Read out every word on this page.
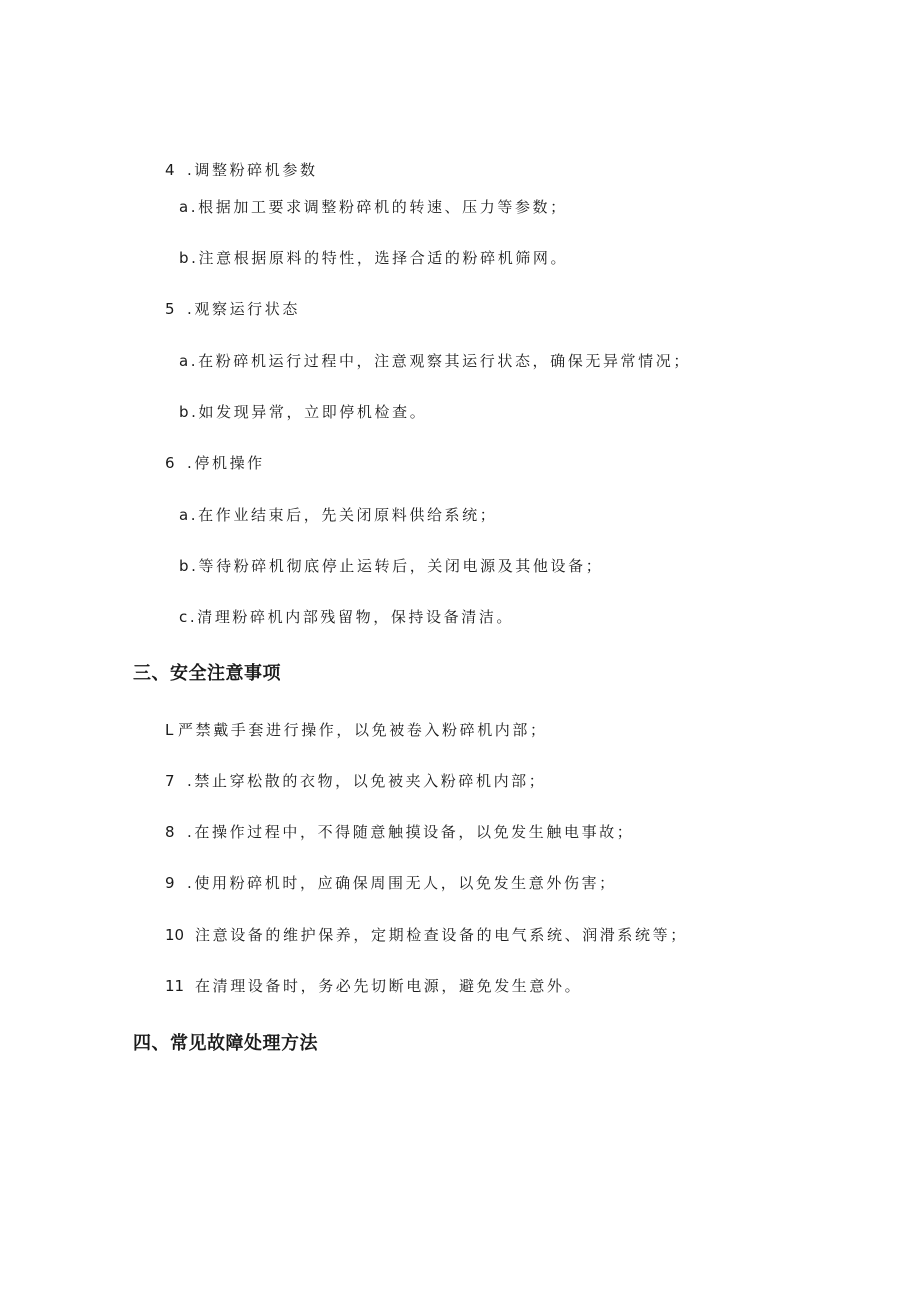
4 .调整粉碎机参数
a.根据加工要求调整粉碎机的转速、压力等参数；
b.注意根据原料的特性，选择合适的粉碎机筛网。
5 .观察运行状态
a.在粉碎机运行过程中，注意观察其运行状态，确保无异常情况；
b.如发现异常，立即停机检查。
6 .停机操作
a.在作业结束后，先关闭原料供给系统；
b.等待粉碎机彻底停止运转后，关闭电源及其他设备；
c.清理粉碎机内部残留物，保持设备清洁。
三、安全注意事项
L 严禁戴手套进行操作，以免被卷入粉碎机内部；
7 .禁止穿松散的衣物，以免被夹入粉碎机内部；
8 .在操作过程中，不得随意触摸设备，以免发生触电事故；
9 .使用粉碎机时，应确保周围无人，以免发生意外伤害；
10 注意设备的维护保养，定期检查设备的电气系统、润滑系统等；
11 在清理设备时，务必先切断电源，避免发生意外。
四、常见故障处理方法
